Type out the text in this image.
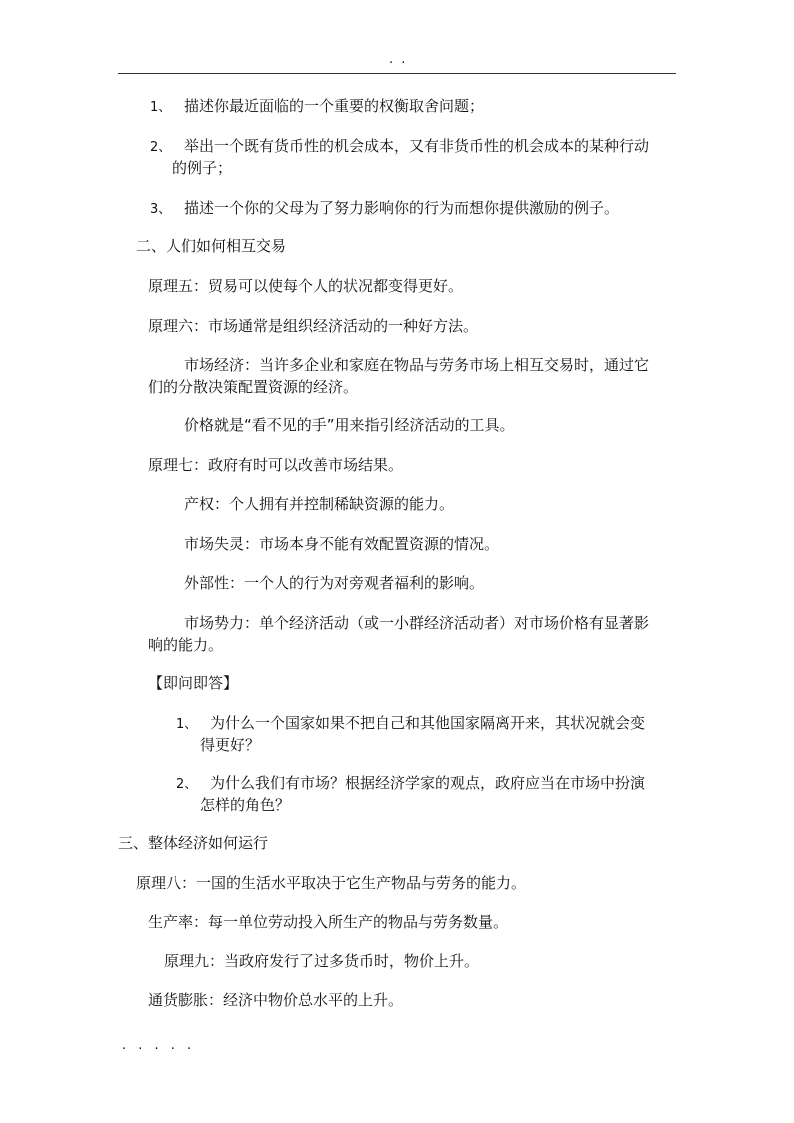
. .
1、 描述你最近面临的一个重要的权衡取舍问题；
2、 举出一个既有货币性的机会成本，又有非货币性的机会成本的某种行动
的例子；
3、 描述一个你的父母为了努力影响你的行为而想你提供激励的例子。
二、人们如何相互交易
原理五：贸易可以使每个人的状况都变得更好。
原理六：市场通常是组织经济活动的一种好方法。
市场经济：当许多企业和家庭在物品与劳务市场上相互交易时，通过它
们的分散决策配置资源的经济。
价格就是“看不见的手”用来指引经济活动的工具。
原理七：政府有时可以改善市场结果。
产权：个人拥有并控制稀缺资源的能力。
市场失灵：市场本身不能有效配置资源的情况。
外部性：一个人的行为对旁观者福利的影响。
市场势力：单个经济活动（或一小群经济活动者）对市场价格有显著影
响的能力。
【即问即答】
1、 为什么一个国家如果不把自己和其他国家隔离开来，其状况就会变
得更好？
2、 为什么我们有市场？根据经济学家的观点，政府应当在市场中扮演
怎样的角色？
三、整体经济如何运行
原理八：一国的生活水平取决于它生产物品与劳务的能力。
生产率：每一单位劳动投入所生产的物品与劳务数量。
原理九：当政府发行了过多货币时，物价上升。
通货膨胀：经济中物价总水平的上升。
. . . . .
